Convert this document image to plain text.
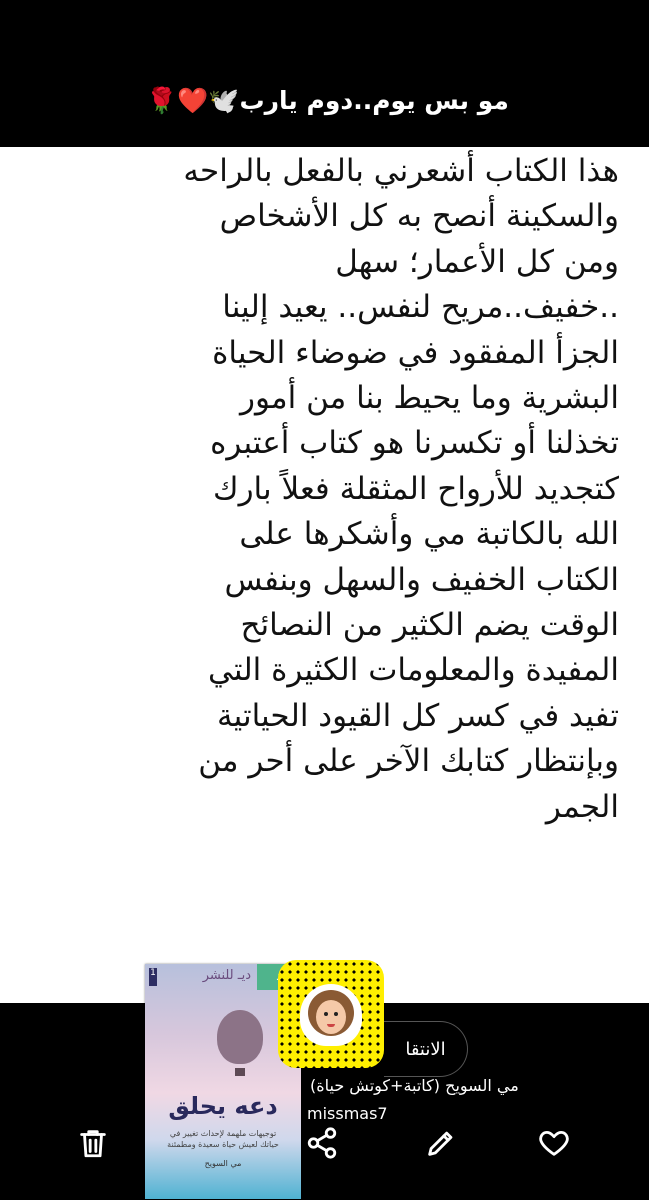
مو بس يوم..دوم يارب🕊️❤️🌹
هذا الكتاب أشعرني بالفعل بالراحه
والسكينة أنصح به كل الأشخاص
ومن كل الأعمار؛ سهل
..خفيف..مريح لنفس.. يعيد إلينا
الجزأ المفقود في ضوضاء الحياة
البشرية وما يحيط بنا من أمور
تخذلنا أو تكسرنا هو كتاب أعتبره
كتجديد للأرواح المثقلة فعلاً بارك
الله بالكاتبة مي وأشكرها على
الكتاب الخفيف والسهل وبنفس
الوقت يضم الكثير من النصائح
المفيدة والمعلومات الكثيرة التي
تفيد في كسر كل القيود الحياتية
وبإنتظار كتابك الآخر على أحر من
الجمر
ديـ للنشر
1
دعه يحلق
توجيهات ملهمة لإحداث تغيير في حياتك لعيش حياة سعيدة ومطمئنة
مي السويح
الانتقا
مي السويح (كاتبة+كوتش حياة)
missmas7
